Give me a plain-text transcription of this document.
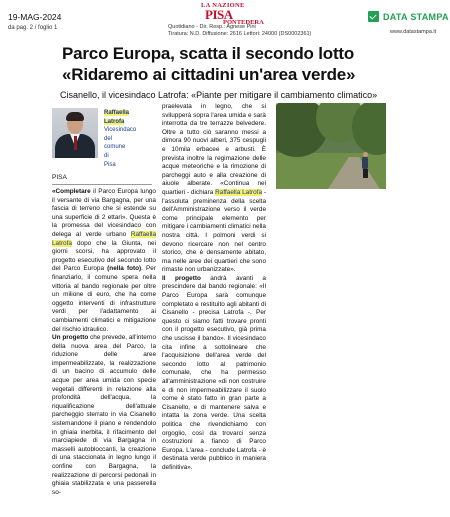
19-MAG-2024
da pag. 2 / foglio 1
LA NAZIONE
PISA
PONTEDERA
Quotidiano - Dir. Resp.: Agnese Pini
Tiratura: N.D. Diffusione: 2616 Lettori: 24000 (DS0002361)
DATA STAMPA
www.datastampa.it
Parco Europa, scatta il secondo lotto
«Ridaremo ai cittadini un'area verde»
Cisanello, il vicesindaco Latrofa: «Piante per mitigare il cambiamento climatico»
Raffaella
Latrofa
Vicesindaco
del
comune
di
Pisa
PISA

«Completare il Parco Europa lungo il versante di via Bargagna, per una fascia di terreno che si estende su una superficie di 2 ettari». Questa è la promessa del vicesindaco con delega al verde urbano Raffaella Latrofa dopo che la Giunta, nei giorni scorsi, ha approvato il progetto esecutivo del secondo lotto del Parco Europa (nella foto). Per finanziarlo, il comune spera nella vittoria al bando regionale per oltre un milione di euro, che ha come oggetto interventi di infrastrutture verdi per l'adattamento ai cambiamenti climatici e mitigazione del rischio idraulico.

Un progetto che prevede, all'interno della nuova area del Parco, la riduzione delle aree impermeabilizzate, la realizzazione di un bacino di accumulo delle acque per area umida con specie vegetali differenti in relazione alla profondità dell'acqua, la riqualificazione dell'attuale parcheggio sterrato in via Cisanello sistemandone il piano e rendendolo in ghiaia inerbita, il rifacimento del marciapiede di via Bargagna in masselli autobloccanti, la creazione di una staccionata in legno lungo il confine con Bargagna, la realizzazione di percorsi pedonali in ghiaia stabilizzata e una passerella so-

praelevata in legno, che si svilupperà sopra l'area umida e sarà interrotta da tre terrazze belvedere. Oltre a tutto ciò saranno messi a dimora 90 nuovi alberi, 375 cespugli e 10mila erbacee e arbusti. È prevista inoltre la regimazione delle acque meteoriche e la rimozione di parcheggi auto e alla creazione di aiuole alberate. «Continua nei quartieri - dichiara Raffaella Latrofa - l'assoluta preminenza della scelta dell'Amministrazione verso il verde come principale elemento per mitigare i cambiamenti climatici nella nostra città. I polmoni verdi si devono ricercare non nel centro storico, che è densamente abitato, ma nelle aree dei quartieri che sono rimaste non urbanizzate».

Il progetto andrà avanti a prescindere dal bando regionale: «Il Parco Europa sarà comunque completato e restituito agli abitanti di Cisanello - precisa Latrofa -. Per questo ci siamo fatti trovare pronti con il progetto esecutivo, già prima che uscisse il bando». Il vicesindaco cita infine a sottolineare che l'acquisizione dell'area verde del secondo lotto al patrimonio comunale, che ha permesso all'amministrazione «di non costruire e di non impermeabilizzare il suolo come è stato fatto in gran parte a Cisanello, e di mantenere salva e intatta la zona verde. Una scelta politica che rivendichiamo con orgoglio, così da trovarci senza costruzioni a fianco di Parco Europa. L'area - conclude Latrofa - è destinata verde pubblico in maniera definitiva».
